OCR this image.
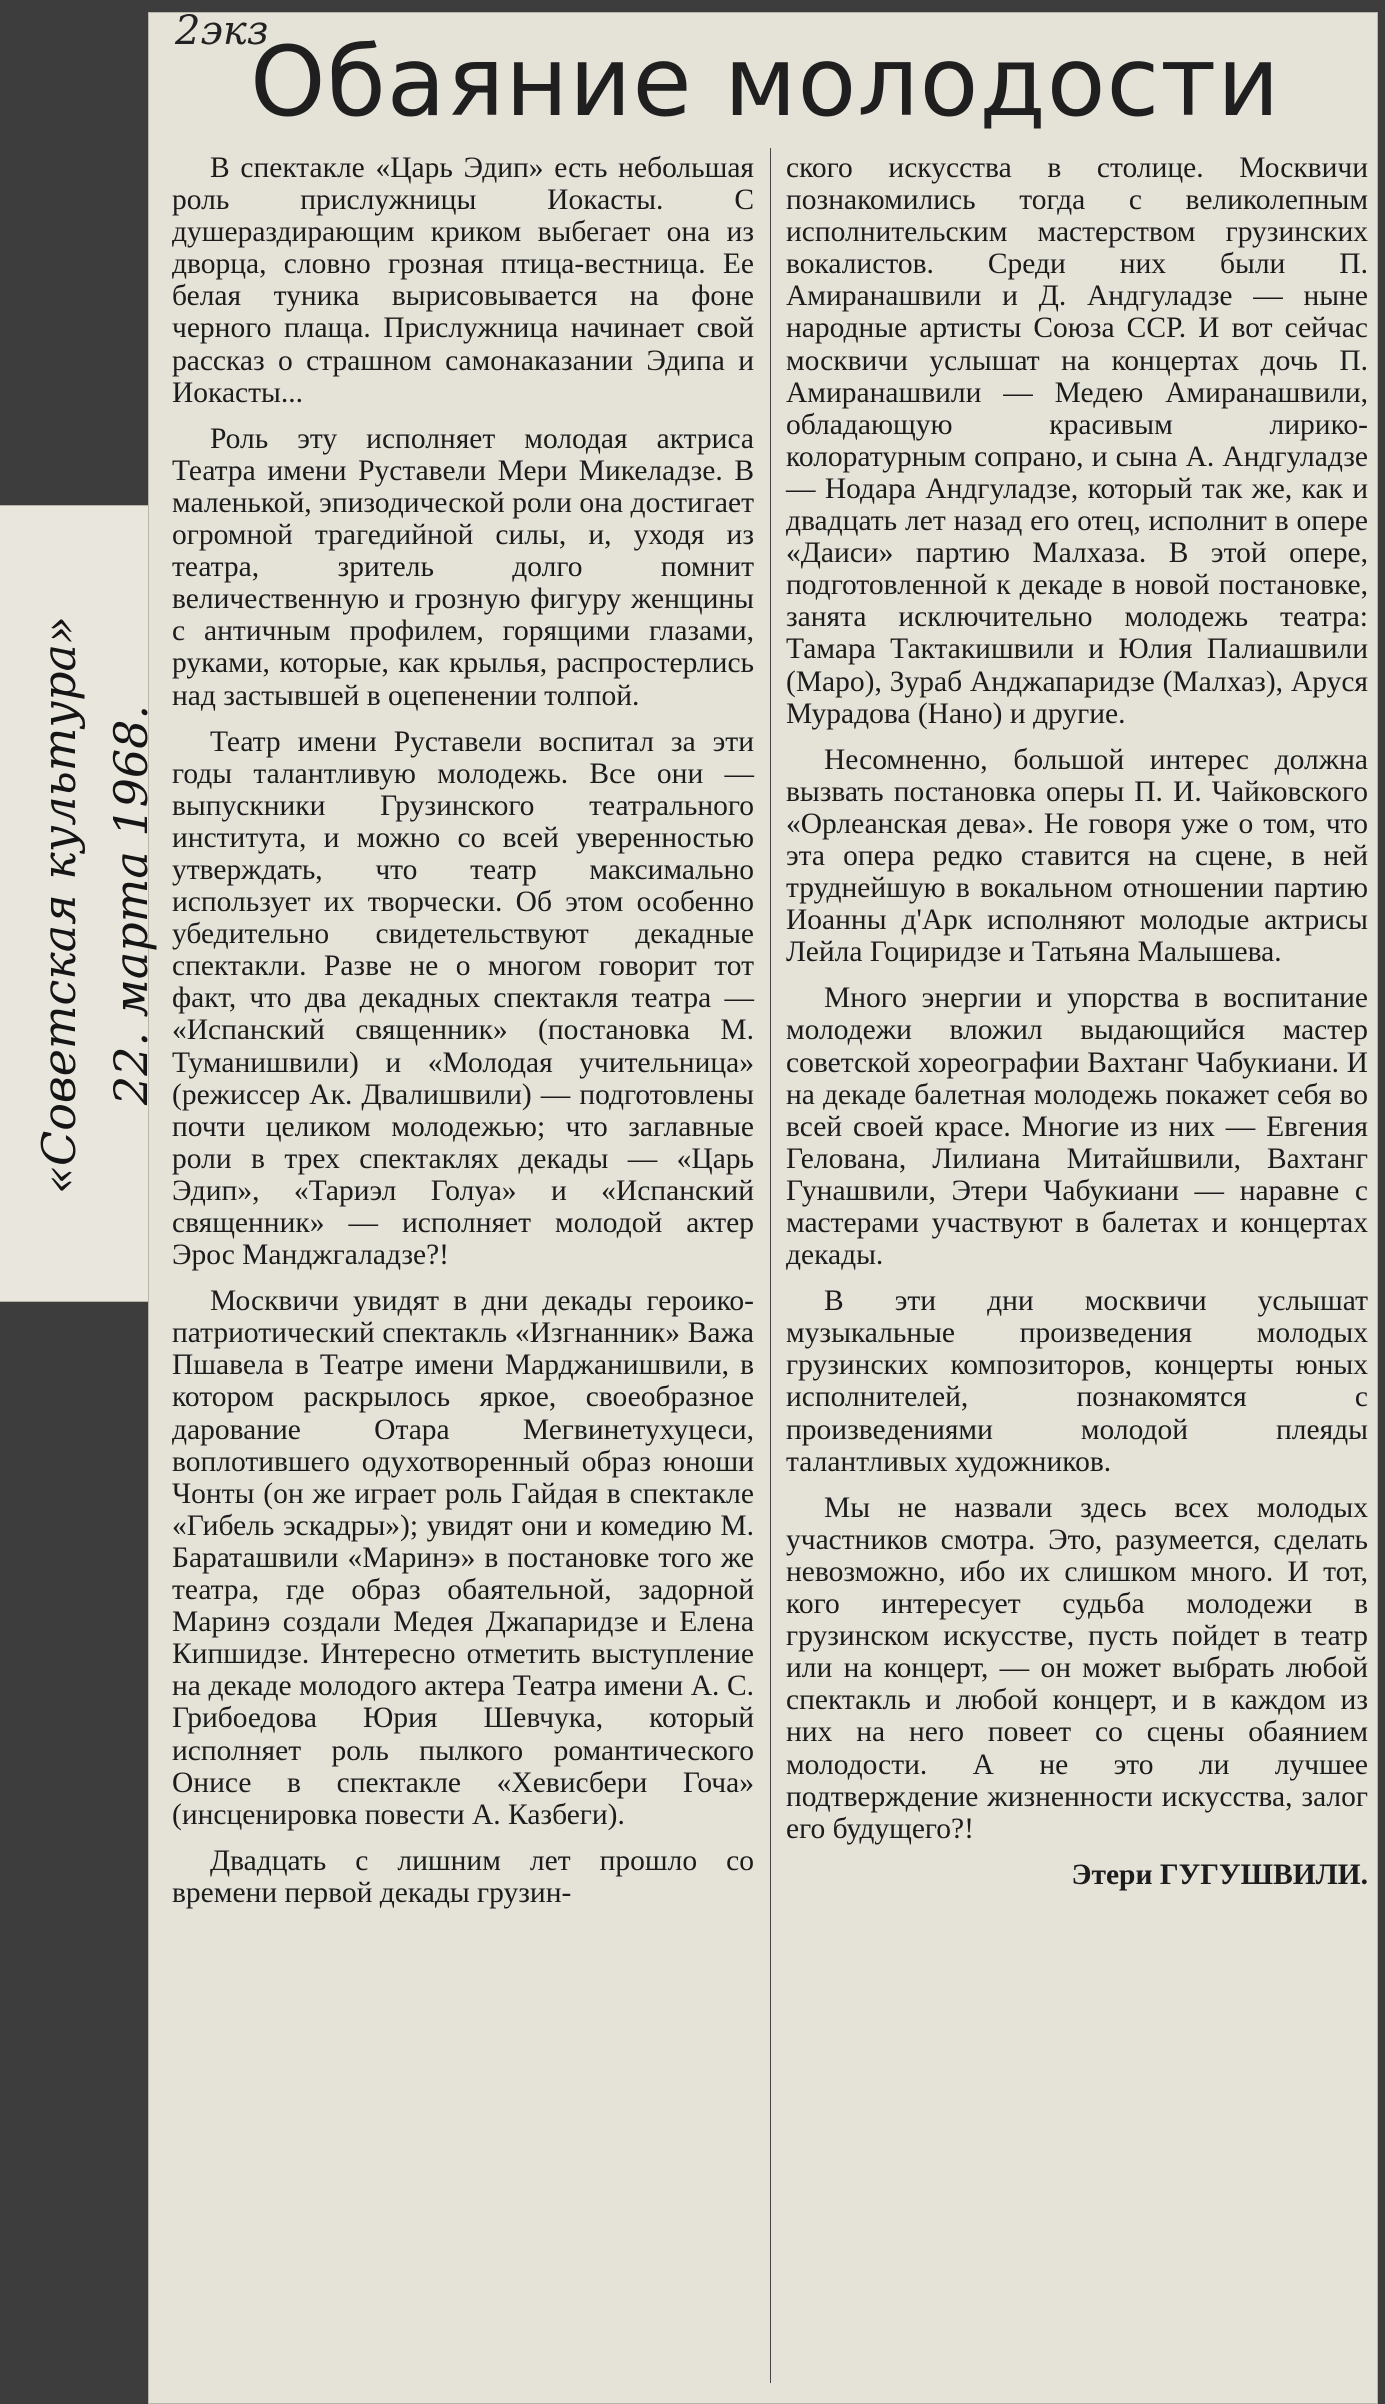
«Советская культура» 22. марта 1968.
2экз
Обаяние молодости

В спектакле «Царь Эдип» есть небольшая роль прислужницы Иокасты. С душераздирающим криком выбегает она из дворца, словно грозная птица-вестница. Ее белая туника вырисовывается на фоне черного плаща. Прислужница начинает свой рассказ о страшном самонаказании Эдипа и Иокасты...

Роль эту исполняет молодая актриса Театра имени Руставели Мери Микеладзе. В маленькой, эпизодической роли она достигает огромной трагедийной силы, и, уходя из театра, зритель долго помнит величественную и грозную фигуру женщины с античным профилем, горящими глазами, руками, которые, как крылья, распростерлись над застывшей в оцепенении толпой.

Театр имени Руставели воспитал за эти годы талантливую молодежь. Все они — выпускники Грузинского театрального института, и можно со всей уверенностью утверждать, что театр максимально использует их творчески. Об этом особенно убедительно свидетельствуют декадные спектакли. Разве не о многом говорит тот факт, что два декадных спектакля театра — «Испанский священник» (постановка М. Туманишвили) и «Молодая учительница» (режиссер Ак. Двалишвили) — подготовлены почти целиком молодежью; что заглавные роли в трех спектаклях декады — «Царь Эдип», «Тариэл Голуа» и «Испанский священник» — исполняет молодой актер Эрос Манджгаладзе?!

Москвичи увидят в дни декады героико-патриотический спектакль «Изгнанник» Важа Пшавела в Театре имени Марджанишвили, в котором раскрылось яркое, своеобразное дарование Отара Мегвинетухуцеси, воплотившего одухотворенный образ юноши Чонты (он же играет роль Гайдая в спектакле «Гибель эскадры»); увидят они и комедию М. Бараташвили «Маринэ» в постановке того же театра, где образ обаятельной, задорной Маринэ создали Медея Джапаридзе и Елена Кипшидзе. Интересно отметить выступление на декаде молодого актера Театра имени А. С. Грибоедова Юрия Шевчука, который исполняет роль пылкого романтического Онисе в спектакле «Хевисбери Гоча» (инсценировка повести А. Казбеги).

Двадцать с лишним лет прошло со времени первой декады грузин-

ского искусства в столице. Москвичи познакомились тогда с великолепным исполнительским мастерством грузинских вокалистов. Среди них были П. Амиранашвили и Д. Андгуладзе — ныне народные артисты Союза ССР. И вот сейчас москвичи услышат на концертах дочь П. Амиранашвили — Медею Амиранашвили, обладающую красивым лирико-колоратурным сопрано, и сына А. Андгуладзе — Нодара Андгуладзе, который так же, как и двадцать лет назад его отец, исполнит в опере «Даиси» партию Малхаза. В этой опере, подготовленной к декаде в новой постановке, занята исключительно молодежь театра: Тамара Тактакишвили и Юлия Палиашвили (Маро), Зураб Анджапаридзе (Малхаз), Аруся Мурадова (Нано) и другие.

Несомненно, большой интерес должна вызвать постановка оперы П. И. Чайковского «Орлеанская дева». Не говоря уже о том, что эта опера редко ставится на сцене, в ней труднейшую в вокальном отношении партию Иоанны д'Арк исполняют молодые актрисы Лейла Гоциридзе и Татьяна Малышева.

Много энергии и упорства в воспитание молодежи вложил выдающийся мастер советской хореографии Вахтанг Чабукиани. И на декаде балетная молодежь покажет себя во всей своей красе. Многие из них — Евгения Гелована, Лилиана Митайшвили, Вахтанг Гунашвили, Этери Чабукиани — наравне с мастерами участвуют в балетах и концертах декады.

В эти дни москвичи услышат музыкальные произведения молодых грузинских композиторов, концерты юных исполнителей, познакомятся с произведениями молодой плеяды талантливых художников.

Мы не назвали здесь всех молодых участников смотра. Это, разумеется, сделать невозможно, ибо их слишком много. И тот, кого интересует судьба молодежи в грузинском искусстве, пусть пойдет в театр или на концерт, — он может выбрать любой спектакль и любой концерт, и в каждом из них на него повеет со сцены обаянием молодости. А не это ли лучшее подтверждение жизненности искусства, залог его будущего?!

Этери ГУГУШВИЛИ.
